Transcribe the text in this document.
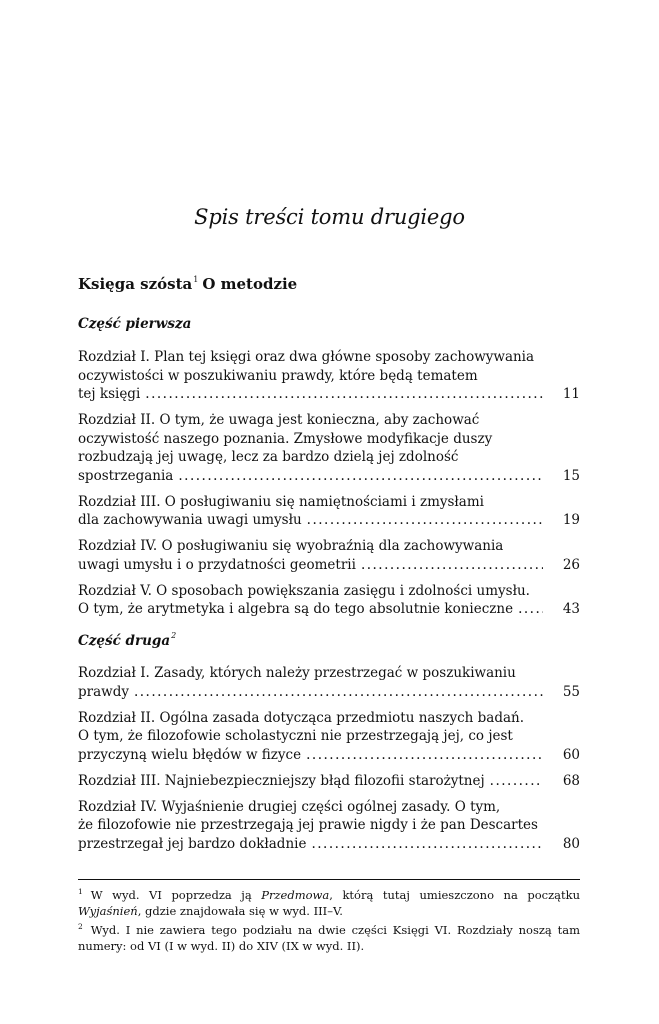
Spis treści tomu drugiego
Księga szósta$^1$ O metodzie
Część pierwsza
Rozdział I. Plan tej księgi oraz dwa główne sposoby zachowywania
oczywistości w poszukiwaniu prawdy, które będą tematem
tej księgi .....	11
Rozdział II. O tym, że uwaga jest konieczna, aby zachować
oczywistość naszego poznania. Zmysłowe modyfikacje duszy
rozbudzają jej uwagę, lecz za bardzo dzielą jej zdolność
spostrzegania .....	15
Rozdział III. O posługiwaniu się namiętnościami i zmysłami
dla zachowywania uwagi umysłu .....	19
Rozdział IV. O posługiwaniu się wyobraźnią dla zachowywania
uwagi umysłu i o przydatności geometrii .....	26
Rozdział V. O sposobach powiększania zasięgu i zdolności umysłu.
O tym, że arytmetyka i algebra są do tego absolutnie konieczne .....	43
Część druga$^2$
Rozdział I. Zasady, których należy przestrzegać w poszukiwaniu
prawdy .....	55
Rozdział II. Ogólna zasada dotycząca przedmiotu naszych badań.
O tym, że filozofowie scholastyczni nie przestrzegają jej, co jest
przyczyną wielu błędów w fizyce .....	60
Rozdział III. Najniebezpieczniejszy błąd filozofii starożytnej .....	68
Rozdział IV. Wyjaśnienie drugiej części ogólnej zasady. O tym,
że filozofowie nie przestrzegają jej prawie nigdy i że pan Descartes
przestrzegał jej bardzo dokładnie .....	80
$^1$ W wyd. VI poprzedza ją Przedmowa, którą tutaj umieszczono na początku Wyjaśnień, gdzie znajdowała się w wyd. III–V.
$^2$ Wyd. I nie zawiera tego podziału na dwie części Księgi VI. Rozdziały noszą tam numery: od VI (I w wyd. II) do XIV (IX w wyd. II).
